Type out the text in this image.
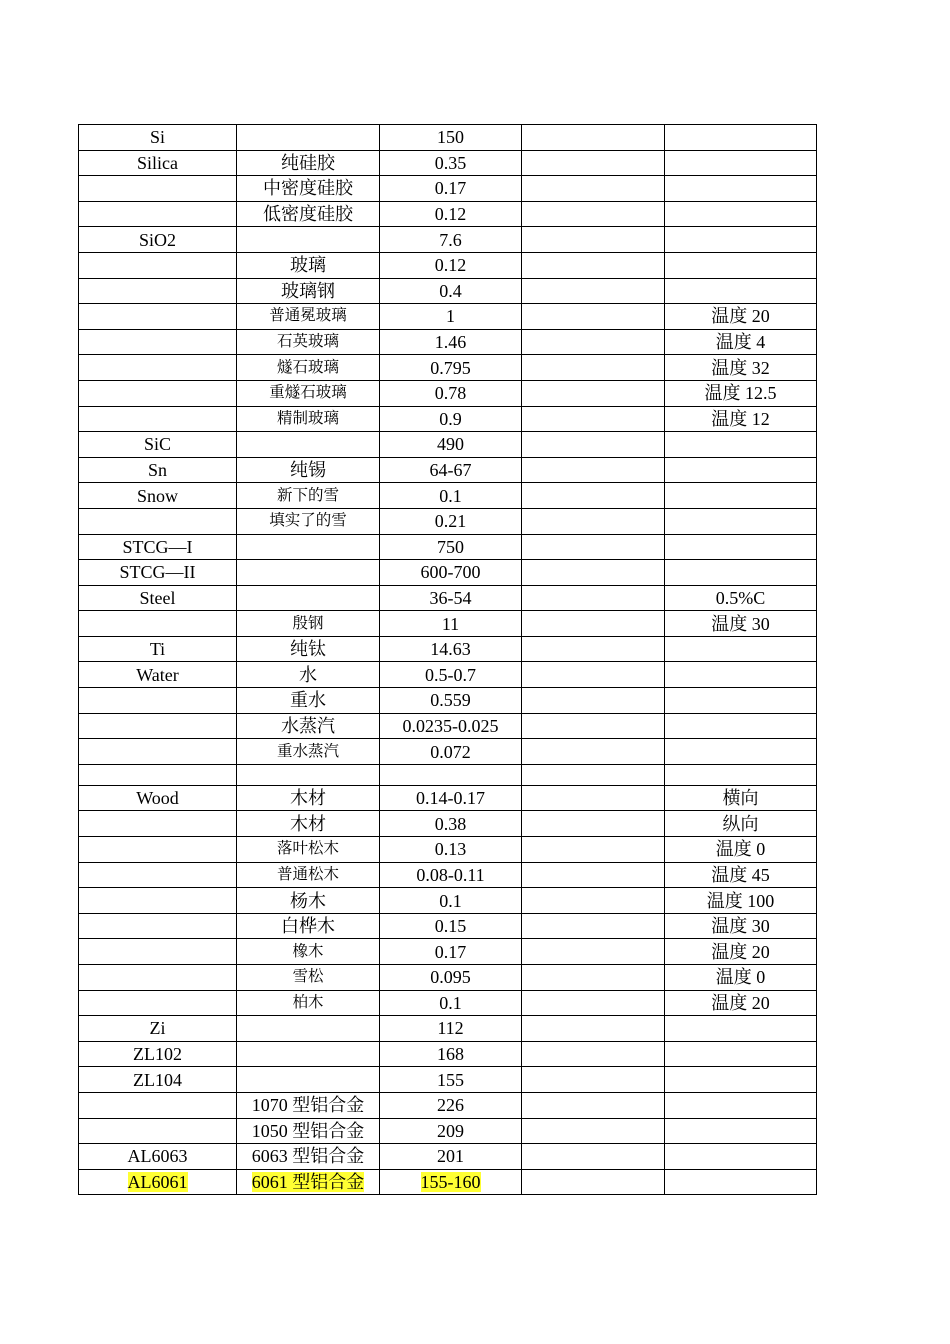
Si		150		
Silica	纯硅胶	0.35		
	中密度硅胶	0.17		
	低密度硅胶	0.12		
SiO2		7.6		
	玻璃	0.12		
	玻璃钢	0.4		
	普通冕玻璃	1		温度 20
	石英玻璃	1.46		温度 4
	燧石玻璃	0.795		温度 32
	重燧石玻璃	0.78		温度 12.5
	精制玻璃	0.9		温度 12
SiC		490		
Sn	纯锡	64-67		
Snow	新下的雪	0.1		
	填实了的雪	0.21		
STCG—I		750		
STCG—II		600-700		
Steel		36-54		0.5%C
	殷钢	11		温度 30
Ti	纯钛	14.63		
Water	水	0.5-0.7		
	重水	0.559		
	水蒸汽	0.0235-0.025		
	重水蒸汽	0.072		

Wood	木材	0.14-0.17		横向
	木材	0.38		纵向
	落叶松木	0.13		温度 0
	普通松木	0.08-0.11		温度 45
	杨木	0.1		温度 100
	白桦木	0.15		温度 30
	橡木	0.17		温度 20
	雪松	0.095		温度 0
	柏木	0.1		温度 20
Zi		112		
ZL102		168		
ZL104		155		
	1070 型铝合金	226		
	1050 型铝合金	209		
AL6063	6063 型铝合金	201		
AL6061	6061 型铝合金	155-160		
